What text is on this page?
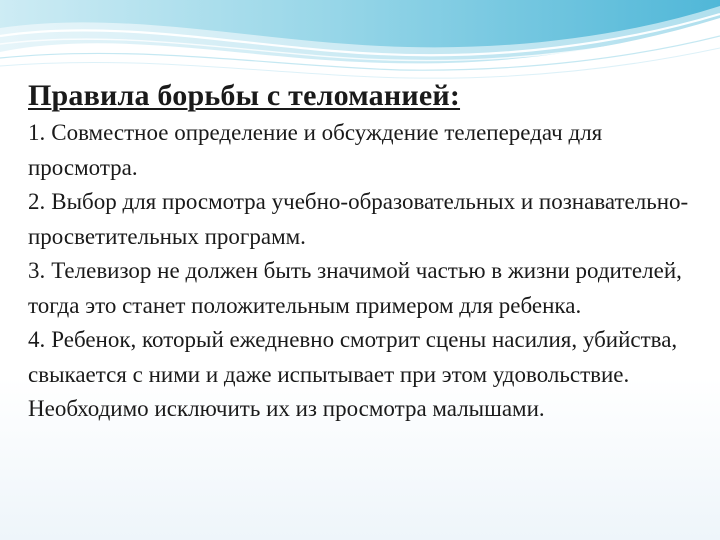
Правила борьбы с теломанией:

1. Совместное определение и обсуждение телепередач для просмотра.

2. Выбор для просмотра учебно-образовательных и познавательно-просветительных программ.

3. Телевизор не должен быть значимой частью в жизни родителей, тогда это станет положительным примером для ребенка.

4. Ребенок, который ежедневно смотрит сцены насилия, убийства, свыкается с ними и даже испытывает при этом удовольствие. Необходимо исключить их из просмотра малышами.
